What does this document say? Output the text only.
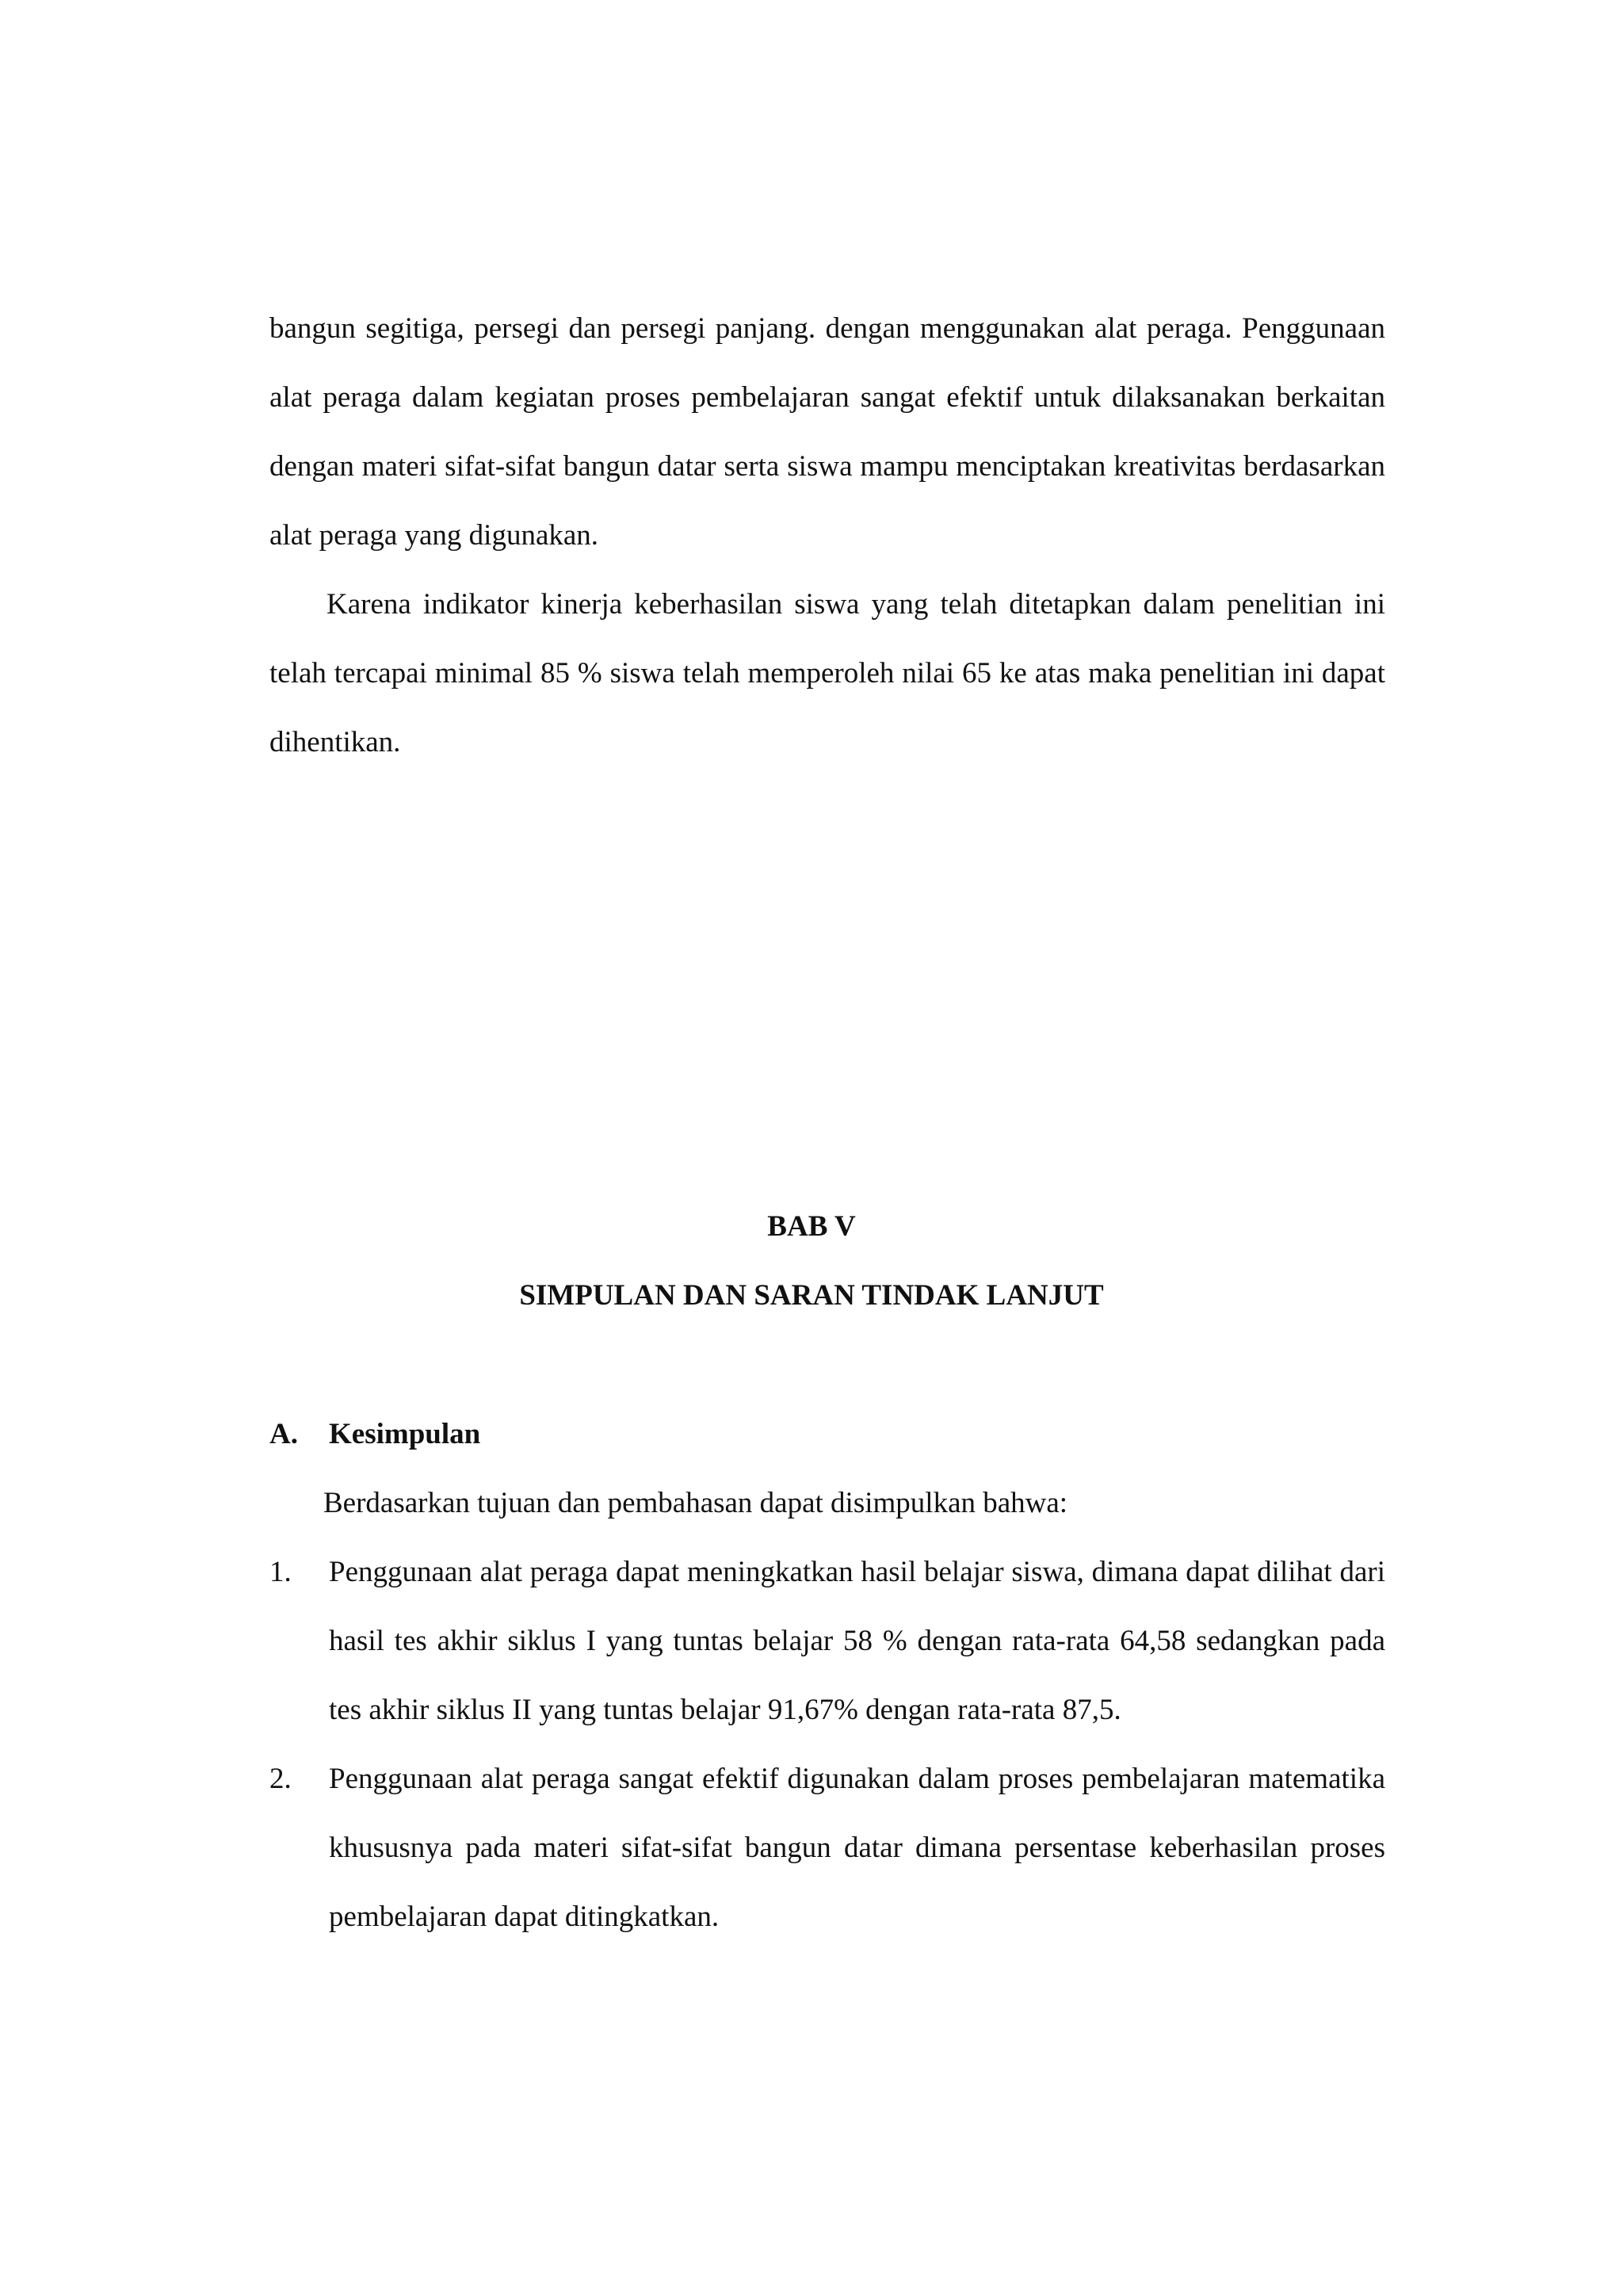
bangun segitiga, persegi dan persegi panjang. dengan menggunakan alat peraga. Penggunaan alat peraga dalam kegiatan proses pembelajaran sangat efektif untuk dilaksanakan berkaitan dengan materi sifat-sifat bangun datar serta siswa mampu menciptakan kreativitas berdasarkan alat peraga yang digunakan.

Karena indikator kinerja keberhasilan siswa yang telah ditetapkan dalam penelitian ini telah tercapai minimal 85 % siswa telah memperoleh nilai 65 ke atas maka penelitian ini dapat dihentikan.

BAB V
SIMPULAN DAN SARAN TINDAK LANJUT
A. Kesimpulan

Berdasarkan tujuan dan pembahasan dapat disimpulkan bahwa:

1. Penggunaan alat peraga dapat meningkatkan hasil belajar siswa, dimana dapat dilihat dari hasil tes akhir siklus I yang tuntas belajar 58 % dengan rata-rata 64,58 sedangkan pada tes akhir siklus II yang tuntas belajar 91,67% dengan rata-rata 87,5.
2. Penggunaan alat peraga sangat efektif digunakan dalam proses pembelajaran matematika khususnya pada materi sifat-sifat bangun datar dimana persentase keberhasilan proses pembelajaran dapat ditingkatkan.
